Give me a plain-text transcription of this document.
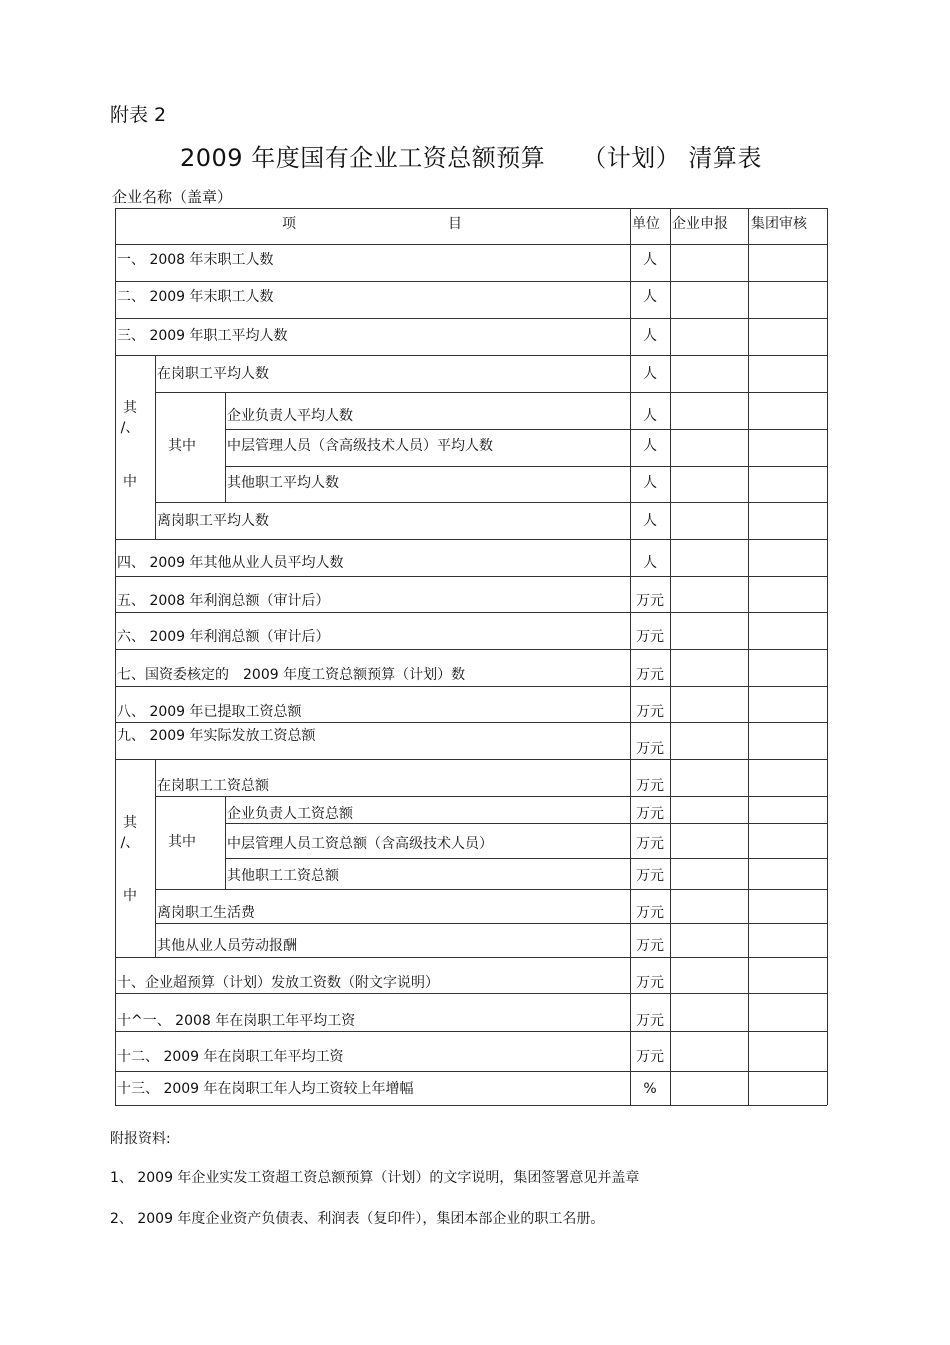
附表 2
2009 年度国有企业工资总额预算　　（计划） 清算表
企业名称（盖章）
项	目	单位 企业申报 集团审核
其
/、
中
其中
其
/、
中
其中
一、 2008 年末职工人数
二、 2009 年末职工人数
三、 2009 年职工平均人数
在岗职工平均人数
企业负责人平均人数
中层管理人员（含高级技术人员）平均人数
其他职工平均人数
离岗职工平均人数
四、 2009 年其他从业人员平均人数
五、 2008 年利润总额（审计后）
六、 2009 年利润总额（审计后）
七、国资委核定的　2009 年度工资总额预算（计划）数
八、 2009 年已提取工资总额
九、 2009 年实际发放工资总额
在岗职工工资总额
企业负责人工资总额
中层管理人员工资总额（含高级技术人员）
其他职工工资总额
离岗职工生活费
其他从业人员劳动报酬
十、企业超预算（计划）发放工资数（附文字说明）
十^一、 2008 年在岗职工年平均工资
十二、 2009 年在岗职工年平均工资
十三、 2009 年在岗职工年人均工资较上年增幅
人
人
人
人
人
人
人
人
人
万元
万元
万元
万元
万元
万元
万元
万元
万元
万元
万元
万元
万元
万元
%
附报资料:
1、 2009 年企业实发工资超工资总额预算（计划）的文字说明，集团签署意见并盖章
2、 2009 年度企业资产负债表、利润表（复印件），集团本部企业的职工名册。
